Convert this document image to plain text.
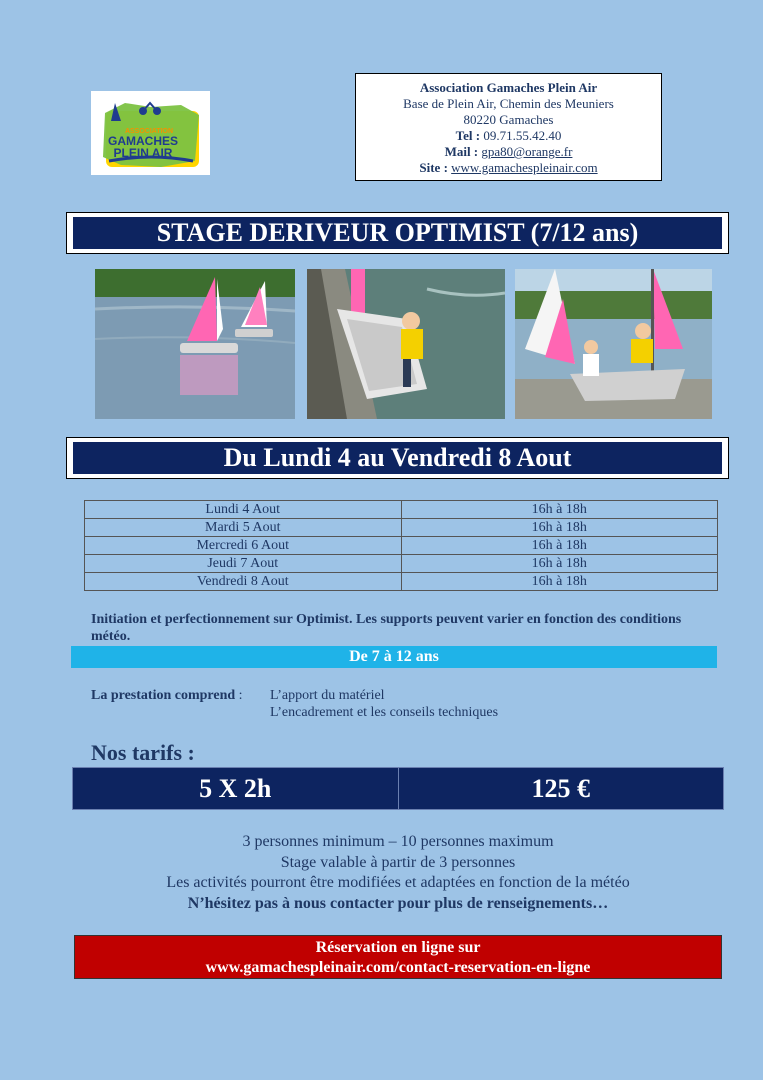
ASSOCIATION
GAMACHES
PLEIN AIR
Association Gamaches Plein Air
Base de Plein Air, Chemin des Meuniers
80220 Gamaches
Tel : 09.71.55.42.40
Mail : gpa80@orange.fr
Site : www.gamachespleinair.com
STAGE DERIVEUR OPTIMIST (7/12 ans)
Du Lundi 4 au Vendredi 8 Aout
Lundi 4 Aout	16h à 18h
Mardi 5 Aout	16h à 18h
Mercredi 6 Aout	16h à 18h
Jeudi 7 Aout	16h à 18h
Vendredi 8 Aout	16h à 18h
Initiation et perfectionnement sur Optimist. Les supports peuvent varier en fonction des conditions météo.
De 7 à 12 ans
La prestation comprend : L’apport du matériel
L’encadrement et les conseils techniques
Nos tarifs :
5 X 2h	125 €
3 personnes minimum – 10 personnes maximum
Stage valable à partir de 3 personnes
Les activités pourront être modifiées et adaptées en fonction de la météo
N’hésitez pas à nous contacter pour plus de renseignements…
Réservation en ligne sur
www.gamachespleinair.com/contact-reservation-en-ligne
